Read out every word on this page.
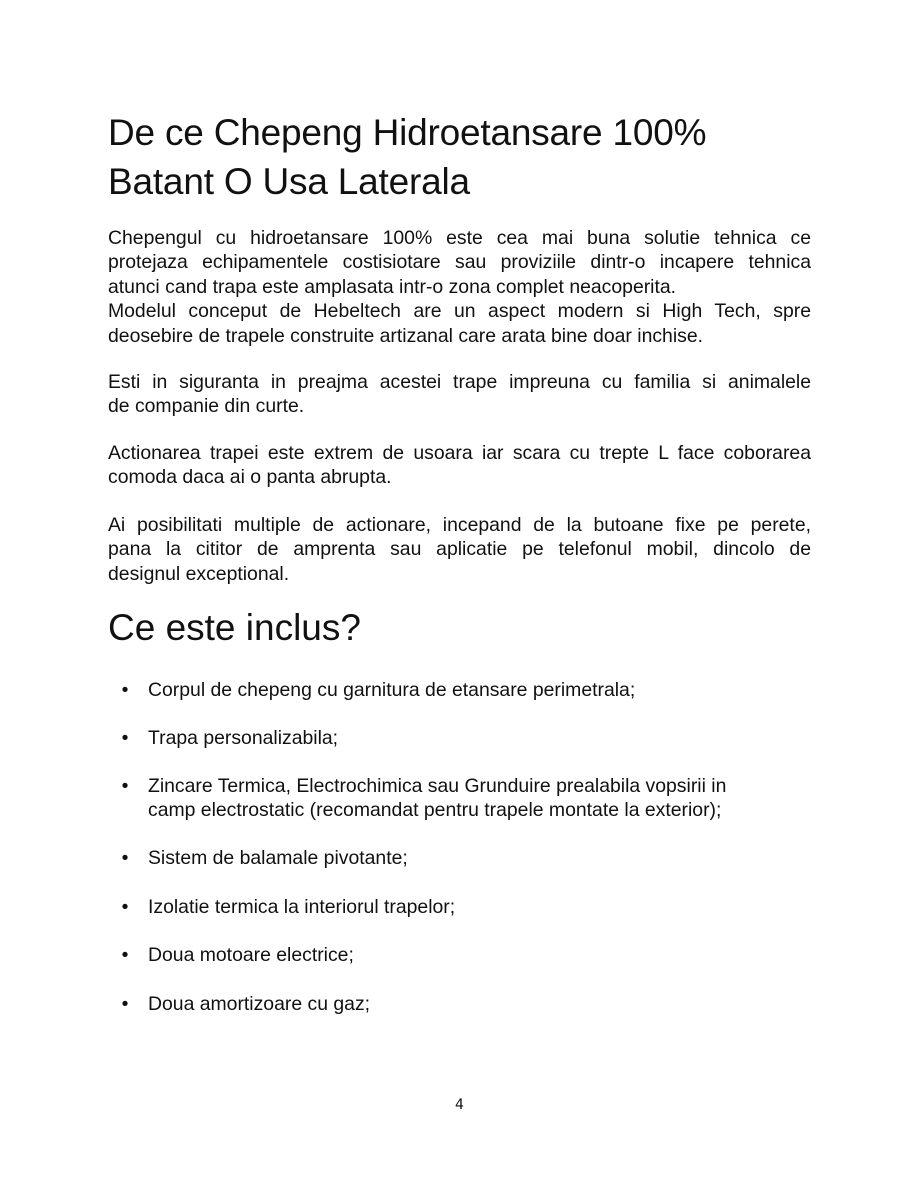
De ce Chepeng Hidroetansare 100%
Batant O Usa Laterala

Chepengul cu hidroetansare 100% este cea mai buna solutie tehnica ce
protejaza echipamentele costisiotare sau proviziile dintr-o incapere tehnica
atunci cand trapa este amplasata intr-o zona complet neacoperita.
Modelul conceput de Hebeltech are un aspect modern si High Tech, spre
deosebire de trapele construite artizanal care arata bine doar inchise.

Esti in siguranta in preajma acestei trape impreuna cu familia si animalele
de companie din curte.

Actionarea trapei este extrem de usoara iar scara cu trepte L face coborarea
comoda daca ai o panta abrupta.

Ai posibilitati multiple de actionare, incepand de la butoane fixe pe perete,
pana la cititor de amprenta sau aplicatie pe telefonul mobil, dincolo de
designul exceptional.

Ce este inclus?
• Corpul de chepeng cu garnitura de etansare perimetrala;
• Trapa personalizabila;
• Zincare Termica, Electrochimica sau Grunduire prealabila vopsirii in
camp electrostatic (recomandat pentru trapele montate la exterior);
• Sistem de balamale pivotante;
• Izolatie termica la interiorul trapelor;
• Doua motoare electrice;
• Doua amortizoare cu gaz;
4
